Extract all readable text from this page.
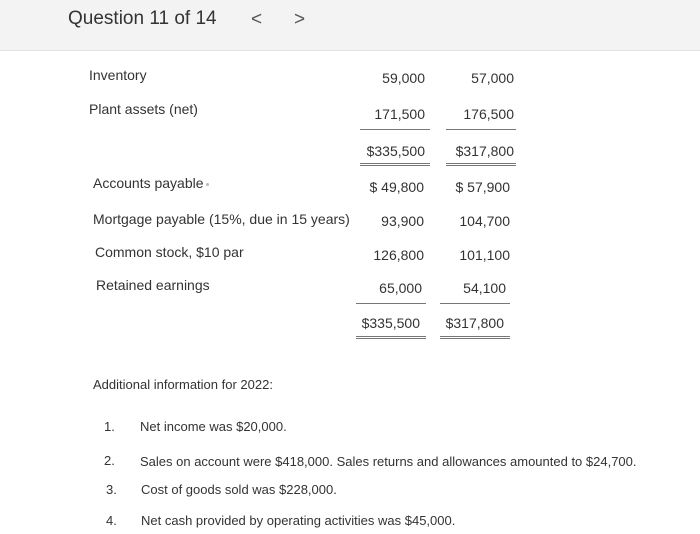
Question 11 of 14 < >
Inventory	59,000	57,000
Plant assets (net)	171,500	176,500
$335,500	$317,800
Accounts payable	$ 49,800	$ 57,900
Mortgage payable (15%, due in 15 years)	93,900	104,700
Common stock, $10 par	126,800	101,100
Retained earnings	65,000	54,100
$335,500	$317,800
Additional information for 2022:
1. Net income was $20,000.
2. Sales on account were $418,000. Sales returns and allowances amounted to $24,700.
3. Cost of goods sold was $228,000.
4. Net cash provided by operating activities was $45,000.
